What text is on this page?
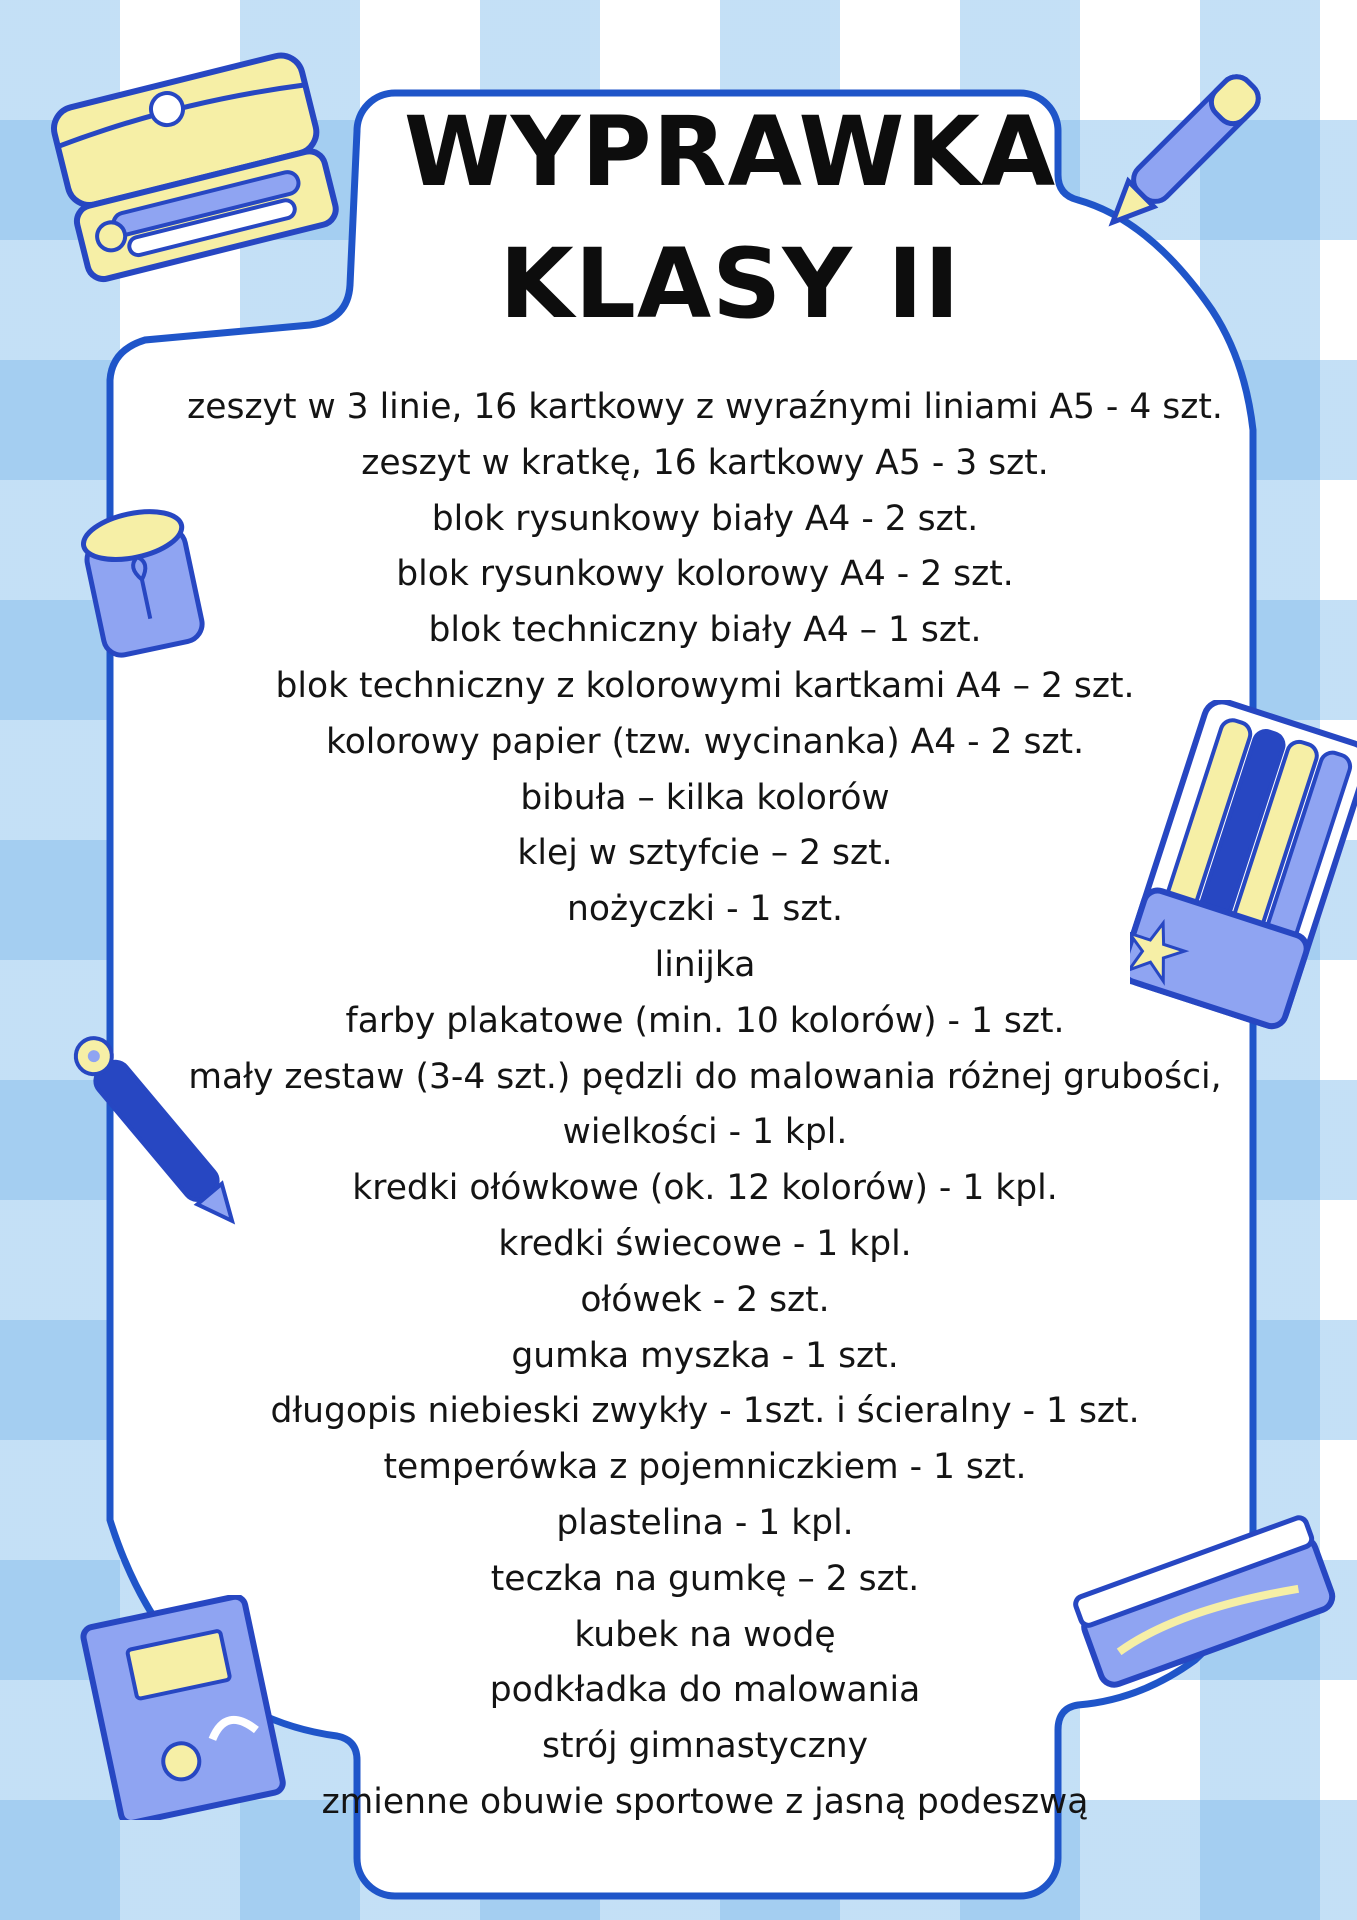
WYPRAWKA
KLASY II
zeszyt w 3 linie, 16 kartkowy z wyraźnymi liniami A5 - 4 szt.
zeszyt w kratkę, 16 kartkowy A5 - 3 szt.
blok rysunkowy biały A4 - 2 szt.
blok rysunkowy kolorowy A4 - 2 szt.
blok techniczny biały A4 – 1 szt.
blok techniczny z kolorowymi kartkami A4 – 2 szt.
kolorowy papier (tzw. wycinanka) A4 - 2 szt.
bibuła – kilka kolorów
klej w sztyfcie – 2 szt.
nożyczki - 1 szt.
linijka
farby plakatowe (min. 10 kolorów) - 1 szt.
mały zestaw (3-4 szt.) pędzli do malowania różnej grubości,
wielkości - 1 kpl.
kredki ołówkowe (ok. 12 kolorów) - 1 kpl.
kredki świecowe - 1 kpl.
ołówek - 2 szt.
gumka myszka - 1 szt.
długopis niebieski zwykły - 1szt. i ścieralny - 1 szt.
temperówka z pojemniczkiem - 1 szt.
plastelina - 1 kpl.
teczka na gumkę – 2 szt.
kubek na wodę
podkładka do malowania
strój gimnastyczny
zmienne obuwie sportowe z jasną podeszwą
